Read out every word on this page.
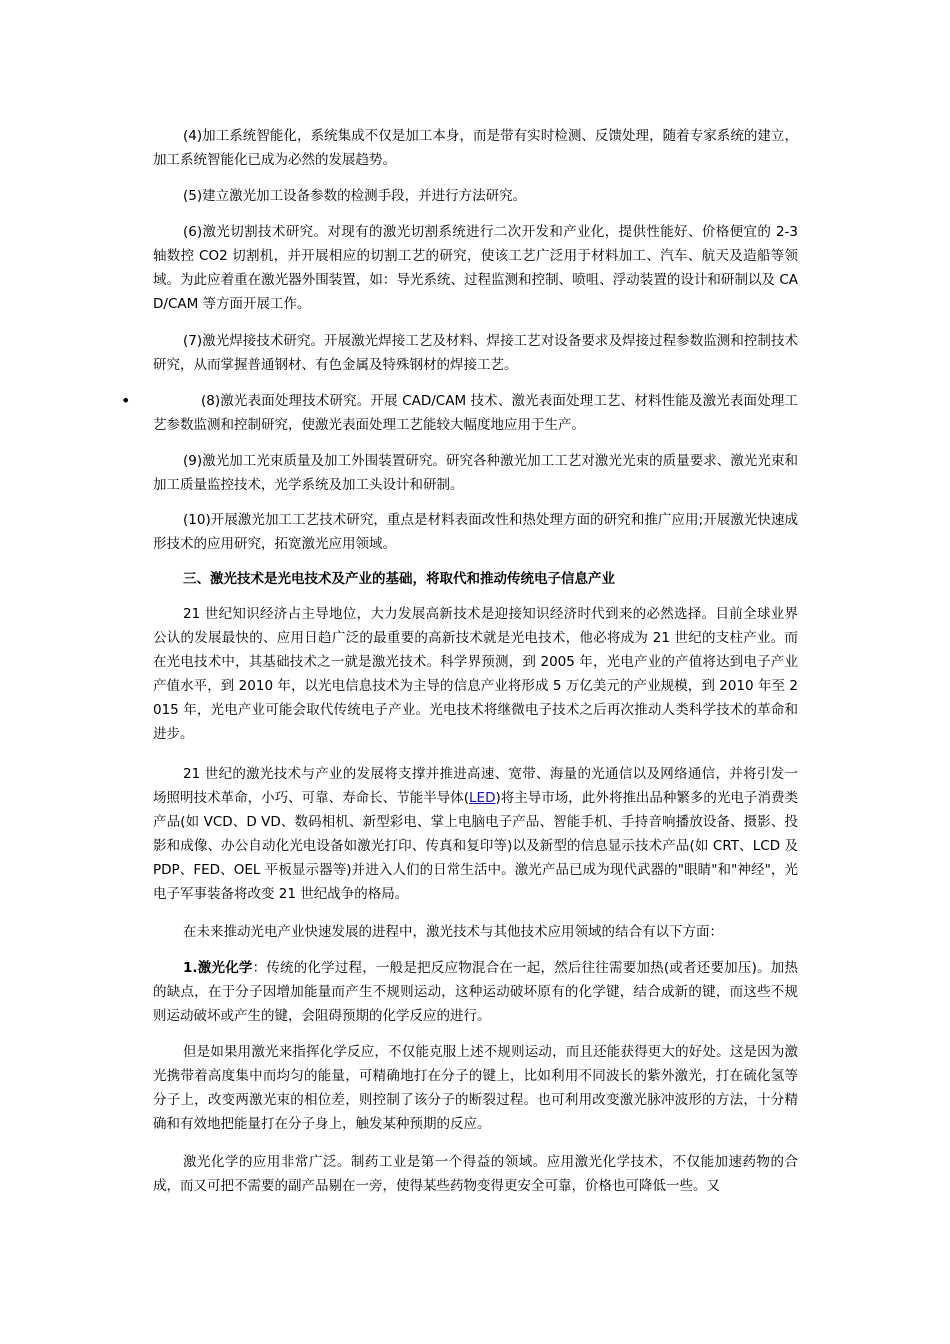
(4)加工系统智能化，系统集成不仅是加工本身，而是带有实时检测、反馈处理，随着专家系统的建立，加工系统智能化已成为必然的发展趋势。

(5)建立激光加工设备参数的检测手段，并进行方法研究。

(6)激光切割技术研究。对现有的激光切割系统进行二次开发和产业化，提供性能好、价格便宜的 2-3 轴数控 CO2 切割机，并开展相应的切割工艺的研究，使该工艺广泛用于材料加工、汽车、航天及造船等领域。为此应着重在激光器外围装置，如：导光系统、过程监测和控制、喷咀、浮动装置的设计和研制以及 CAD/CAM 等方面开展工作。

(7)激光焊接技术研究。开展激光焊接工艺及材料、焊接工艺对设备要求及焊接过程参数监测和控制技术研究，从而掌握普通钢材、有色金属及特殊钢材的焊接工艺。

•	(8)激光表面处理技术研究。开展 CAD/CAM 技术、激光表面处理工艺、材料性能及激光表面处理工艺参数监测和控制研究，使激光表面处理工艺能较大幅度地应用于生产。

(9)激光加工光束质量及加工外围装置研究。研究各种激光加工工艺对激光光束的质量要求、激光光束和加工质量监控技术，光学系统及加工头设计和研制。

(10)开展激光加工工艺技术研究，重点是材料表面改性和热处理方面的研究和推广应用;开展激光快速成形技术的应用研究，拓宽激光应用领域。

三、激光技术是光电技术及产业的基础，将取代和推动传统电子信息产业

21 世纪知识经济占主导地位，大力发展高新技术是迎接知识经济时代到来的必然选择。目前全球业界公认的发展最快的、应用日趋广泛的最重要的高新技术就是光电技术，他必将成为 21 世纪的支柱产业。而在光电技术中，其基础技术之一就是激光技术。科学界预测，到 2005 年，光电产业的产值将达到电子产业产值水平，到 2010 年，以光电信息技术为主导的信息产业将形成 5 万亿美元的产业规模，到 2010 年至 2015 年，光电产业可能会取代传统电子产业。光电技术将继微电子技术之后再次推动人类科学技术的革命和进步。

21 世纪的激光技术与产业的发展将支撑并推进高速、宽带、海量的光通信以及网络通信，并将引发一场照明技术革命，小巧、可靠、寿命长、节能半导体(LED)将主导市场，此外将推出品种繁多的光电子消费类产品(如 VCD、D VD、数码相机、新型彩电、掌上电脑电子产品、智能手机、手持音响播放设备、摄影、投影和成像、办公自动化光电设备如激光打印、传真和复印等)以及新型的信息显示技术产品(如 CRT、LCD 及 PDP、FED、OEL 平板显示器等)并进入人们的日常生活中。激光产品已成为现代武器的"眼睛"和"神经"，光电子军事装备将改变 21 世纪战争的格局。

在未来推动光电产业快速发展的进程中，激光技术与其他技术应用领域的结合有以下方面：

1.激光化学：传统的化学过程，一般是把反应物混合在一起，然后往往需要加热(或者还要加压)。加热的缺点，在于分子因增加能量而产生不规则运动，这种运动破坏原有的化学键，结合成新的键，而这些不规则运动破坏或产生的键，会阻碍预期的化学反应的进行。

但是如果用激光来指挥化学反应，不仅能克服上述不规则运动，而且还能获得更大的好处。这是因为激光携带着高度集中而均匀的能量，可精确地打在分子的键上，比如利用不同波长的紫外激光，打在硫化氢等分子上，改变两激光束的相位差，则控制了该分子的断裂过程。也可利用改变激光脉冲波形的方法，十分精确和有效地把能量打在分子身上，触发某种预期的反应。

激光化学的应用非常广泛。制药工业是第一个得益的领域。应用激光化学技术，不仅能加速药物的合成，而又可把不需要的副产品剔在一旁，使得某些药物变得更安全可靠，价格也可降低一些。又
